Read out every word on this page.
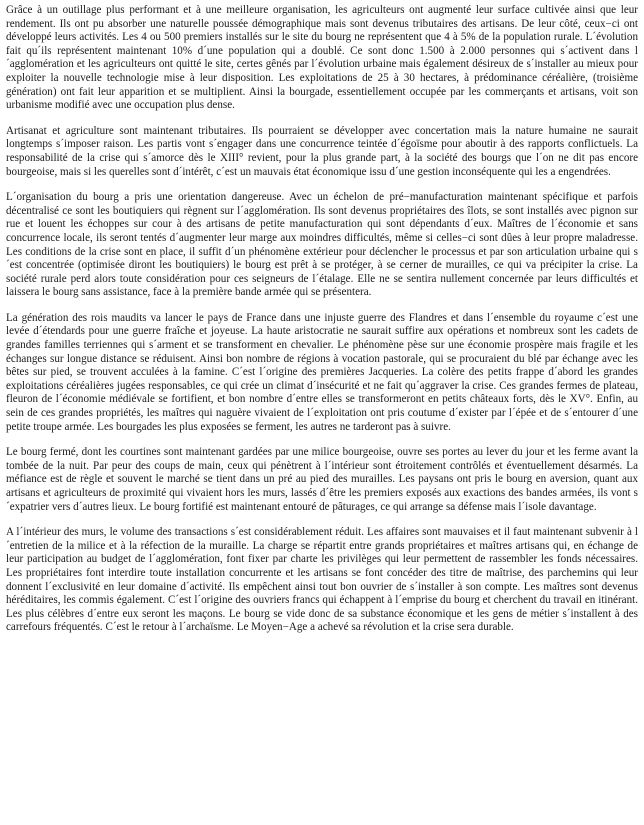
Grâce à un outillage plus performant et à une meilleure organisation, les agriculteurs ont augmenté leur surface cultivée ainsi que leur rendement. Ils ont pu absorber une naturelle poussée démographique mais sont devenus tributaires des artisans. De leur côté, ceux−ci ont développé leurs activités. Les 4 ou 500 premiers installés sur le site du bourg ne représentent que 4 à 5% de la population rurale. L´évolution fait qu´ils représentent maintenant 10% d´une population qui a doublé. Ce sont donc 1.500 à 2.000 personnes qui s´activent dans l´agglomération et les agriculteurs ont quitté le site, certes gênés par l´évolution urbaine mais également désireux de s´installer au mieux pour exploiter la nouvelle technologie mise à leur disposition. Les exploitations de 25 à 30 hectares, à prédominance céréalière, (troisième génération) ont fait leur apparition et se multiplient. Ainsi la bourgade, essentiellement occupée par les commerçants et artisans, voit son urbanisme modifié avec une occupation plus dense.

Artisanat et agriculture sont maintenant tributaires. Ils pourraient se développer avec concertation mais la nature humaine ne saurait longtemps s´imposer raison. Les partis vont s´engager dans une concurrence teintée d´égoïsme pour aboutir à des rapports conflictuels. La responsabilité de la crise qui s´amorce dès le XIII° revient, pour la plus grande part, à la société des bourgs que l´on ne dit pas encore bourgeoise, mais si les querelles sont d´intérêt, c´est un mauvais état économique issu d´une gestion inconséquente qui les a engendrées.

L´organisation du bourg a pris une orientation dangereuse. Avec un échelon de pré−manufacturation maintenant spécifique et parfois décentralisé ce sont les boutiquiers qui règnent sur l´agglomération. Ils sont devenus propriétaires des îlots, se sont installés avec pignon sur rue et louent les échoppes sur cour à des artisans de petite manufacturation qui sont dépendants d´eux. Maîtres de l´économie et sans concurrence locale, ils seront tentés d´augmenter leur marge aux moindres difficultés, même si celles−ci sont dûes à leur propre maladresse. Les conditions de la crise sont en place, il suffit d´un phénomène extérieur pour déclencher le processus et par son articulation urbaine qui s´est concentrée (optimisée diront les boutiquiers) le bourg est prêt à se protéger, à se cerner de murailles, ce qui va précipiter la crise. La société rurale perd alors toute considération pour ces seigneurs de l´étalage. Elle ne se sentira nullement concernée par leurs difficultés et laissera le bourg sans assistance, face à la première bande armée qui se présentera.

La génération des rois maudits va lancer le pays de France dans une injuste guerre des Flandres et dans l´ensemble du royaume c´est une levée d´étendards pour une guerre fraîche et joyeuse. La haute aristocratie ne saurait suffire aux opérations et nombreux sont les cadets de grandes familles terriennes qui s´arment et se transforment en chevalier. Le phénomène pèse sur une économie prospère mais fragile et les échanges sur longue distance se réduisent. Ainsi bon nombre de régions à vocation pastorale, qui se procuraient du blé par échange avec les bêtes sur pied, se trouvent acculées à la famine. C´est l´origine des premières Jacqueries. La colère des petits frappe d´abord les grandes exploitations céréalières jugées responsables, ce qui crée un climat d´insécurité et ne fait qu´aggraver la crise. Ces grandes fermes de plateau, fleuron de l´économie médiévale se fortifient, et bon nombre d´entre elles se transformeront en petits châteaux forts, dès le XV°. Enfin, au sein de ces grandes propriétés, les maîtres qui naguère vivaient de l´exploitation ont pris coutume d´exister par l´épée et de s´entourer d´une petite troupe armée. Les bourgades les plus exposées se ferment, les autres ne tarderont pas à suivre.

Le bourg fermé, dont les courtines sont maintenant gardées par une milice bourgeoise, ouvre ses portes au lever du jour et les ferme avant la tombée de la nuit. Par peur des coups de main, ceux qui pénètrent à l´intérieur sont étroitement contrôlés et éventuellement désarmés. La méfiance est de règle et souvent le marché se tient dans un pré au pied des murailles. Les paysans ont pris le bourg en aversion, quant aux artisans et agriculteurs de proximité qui vivaient hors les murs, lassés d´être les premiers exposés aux exactions des bandes armées, ils vont s´expatrier vers d´autres lieux. Le bourg fortifié est maintenant entouré de pâturages, ce qui arrange sa défense mais l´isole davantage.

A l´intérieur des murs, le volume des transactions s´est considérablement réduit. Les affaires sont mauvaises et il faut maintenant subvenir à l´entretien de la milice et à la réfection de la muraille. La charge se répartit entre grands propriétaires et maîtres artisans qui, en échange de leur participation au budget de l´agglomération, font fixer par charte les privilèges qui leur permettent de rassembler les fonds nécessaires. Les propriétaires font interdire toute installation concurrente et les artisans se font concéder des titre de maîtrise, des parchemins qui leur donnent l´exclusivité en leur domaine d´activité. Ils empêchent ainsi tout bon ouvrier de s´installer à son compte. Les maîtres sont devenus héréditaires, les commis également. C´est l´origine des ouvriers francs qui échappent à l´emprise du bourg et cherchent du travail en itinérant. Les plus célèbres d´entre eux seront les maçons. Le bourg se vide donc de sa substance économique et les gens de métier s´installent à des carrefours fréquentés. C´est le retour à l´archaïsme. Le Moyen−Age a achevé sa révolution et la crise sera durable.
